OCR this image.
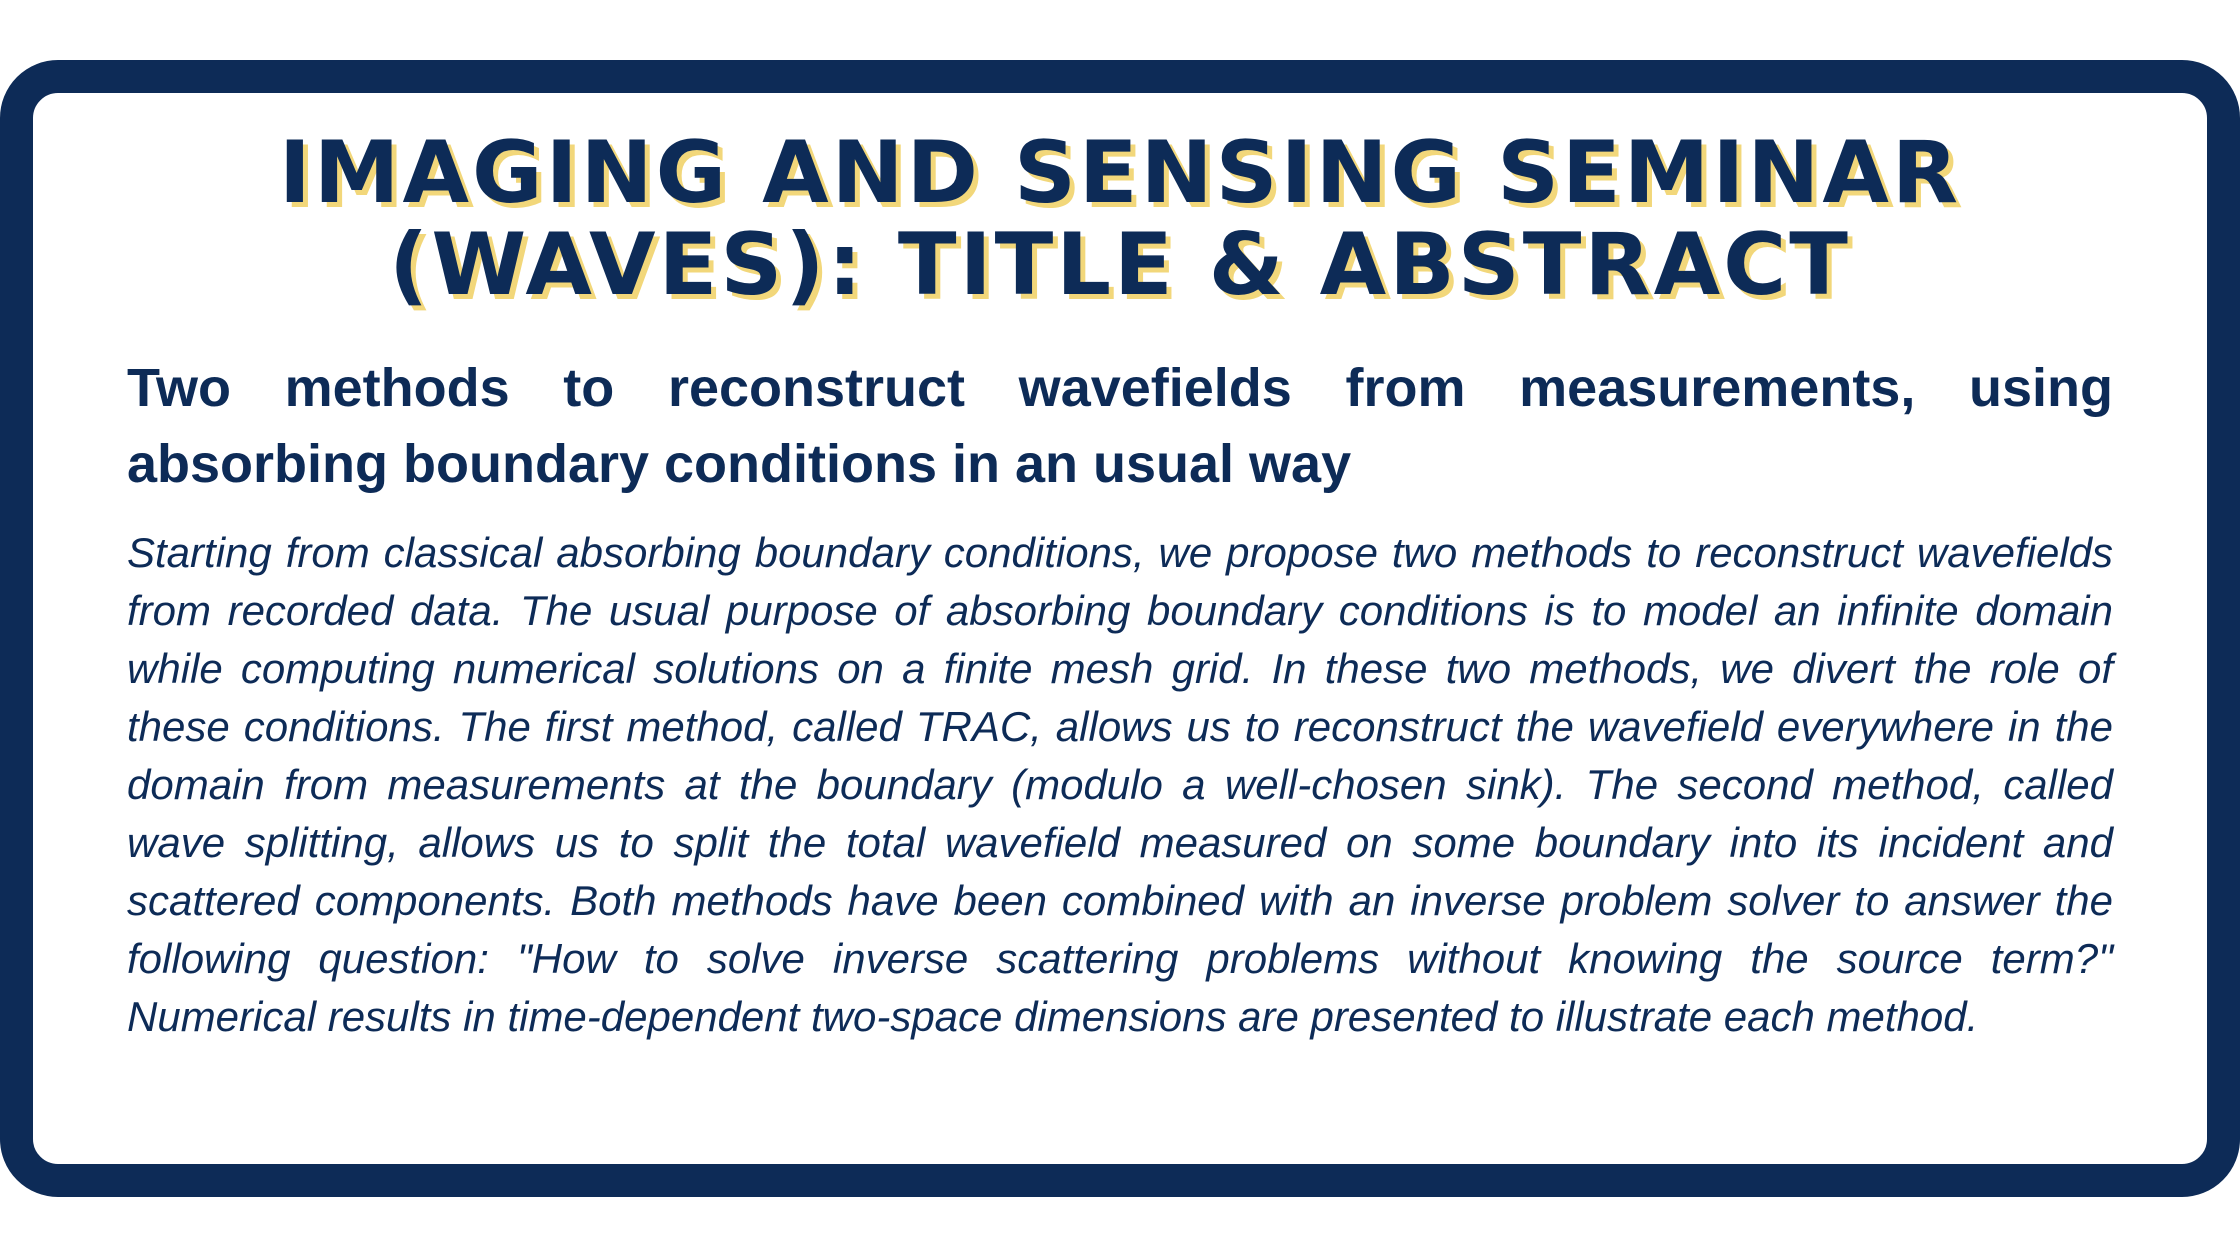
IMAGING AND SENSING SEMINAR (WAVES): TITLE & ABSTRACT
Two methods to reconstruct wavefields from measurements, using absorbing boundary conditions in an usual way

Starting from classical absorbing boundary conditions, we propose two methods to reconstruct wavefields from recorded data. The usual purpose of absorbing boundary conditions is to model an infinite domain while computing numerical solutions on a finite mesh grid. In these two methods, we divert the role of these conditions. The first method, called TRAC, allows us to reconstruct the wavefield everywhere in the domain from measurements at the boundary (modulo a well-chosen sink). The second method, called wave splitting, allows us to split the total wavefield measured on some boundary into its incident and scattered components. Both methods have been combined with an inverse problem solver to answer the following question: "How to solve inverse scattering problems without knowing the source term?" Numerical results in time-dependent two-space dimensions are presented to illustrate each method.
